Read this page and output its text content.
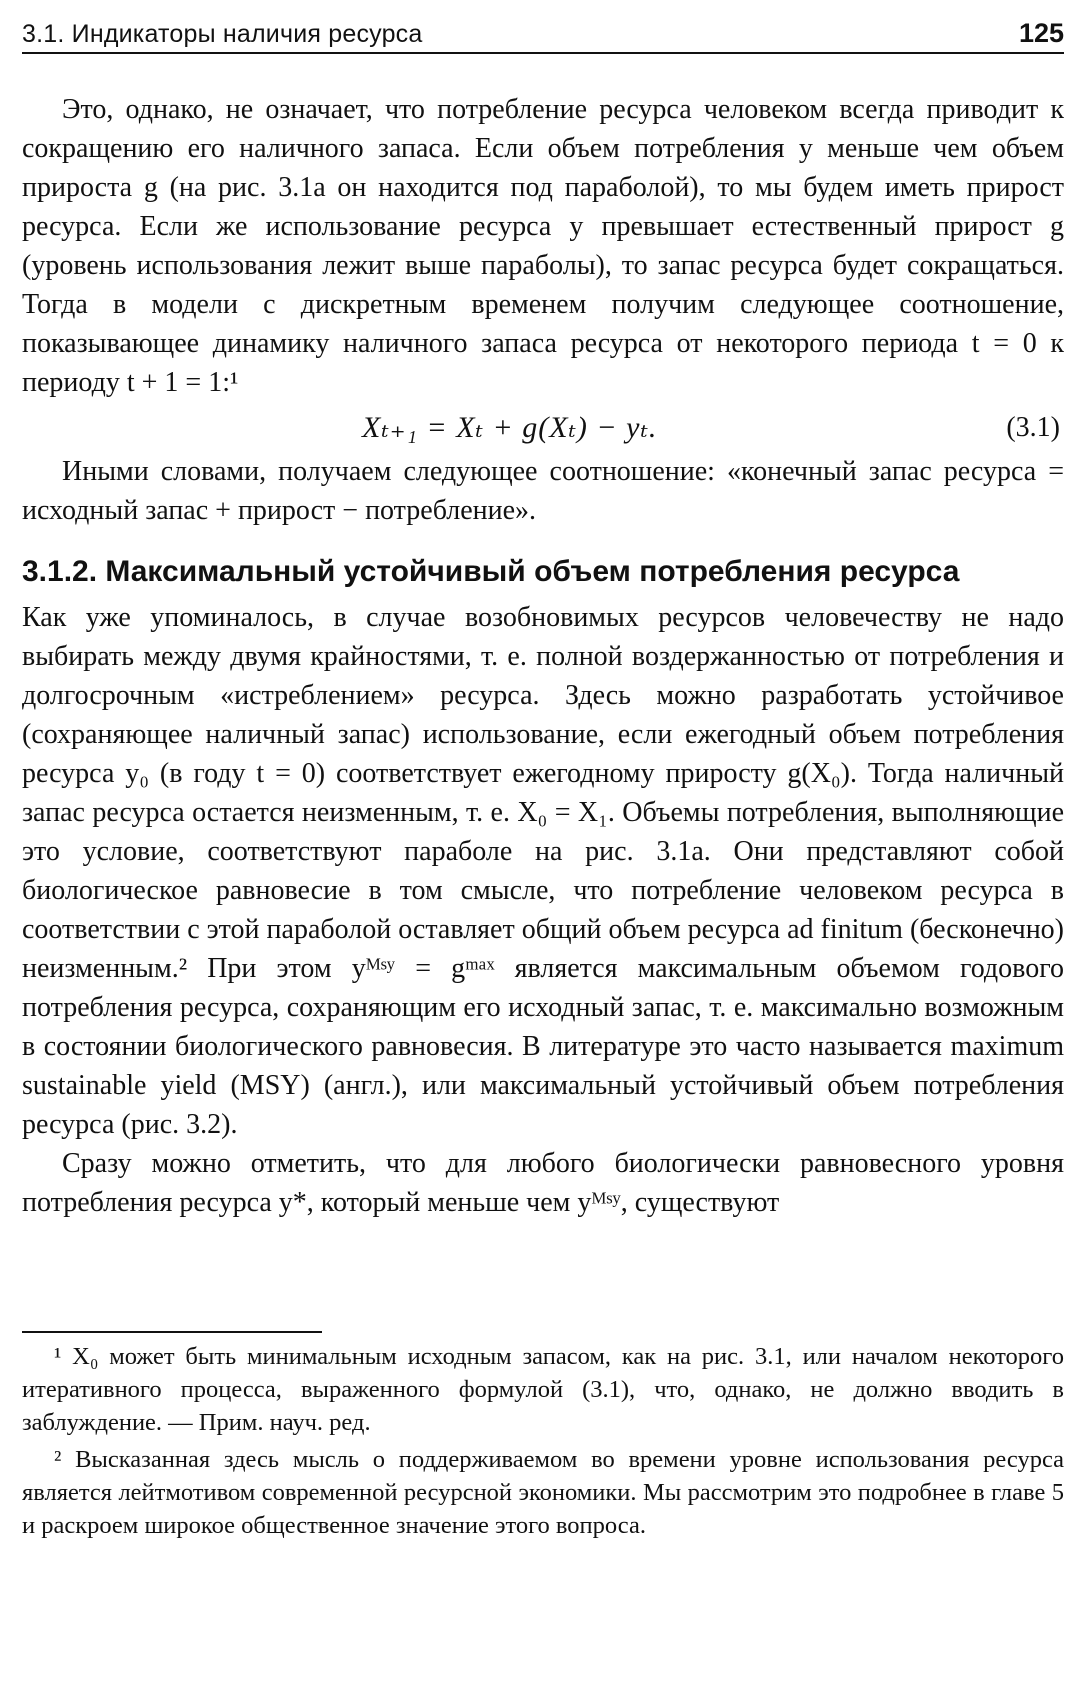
3.1. Индикаторы наличия ресурса	125

Это, однако, не означает, что потребление ресурса человеком всегда приводит к сокращению его наличного запаса. Если объем потребления y меньше чем объем прироста g (на рис. 3.1a он находится под параболой), то мы будем иметь прирост ресурса. Если же использование ресурса y превышает естественный прирост g (уровень использования лежит выше параболы), то запас ресурса будет сокращаться. Тогда в модели с дискретным временем получим следующее соотношение, показывающее динамику наличного запаса ресурса от некоторого периода t = 0 к периоду t + 1 = 1:¹

Xₜ₊₁ = Xₜ + g(Xₜ) − yₜ.	(3.1)

Иными словами, получаем следующее соотношение: «конечный запас ресурса = исходный запас + прирост − потребление».

3.1.2. Максимальный устойчивый объем потребления ресурса

Как уже упоминалось, в случае возобновимых ресурсов человечеству не надо выбирать между двумя крайностями, т. е. полной воздержанностью от потребления и долгосрочным «истреблением» ресурса. Здесь можно разработать устойчивое (сохраняющее наличный запас) использование, если ежегодный объем потребления ресурса y₀ (в году t = 0) соответствует ежегодному приросту g(X₀). Тогда наличный запас ресурса остается неизменным, т. е. X₀ = X₁. Объемы потребления, выполняющие это условие, соответствуют параболе на рис. 3.1a. Они представляют собой биологическое равновесие в том смысле, что потребление человеком ресурса в соответствии с этой параболой оставляет общий объем ресурса ad finitum (бесконечно) неизменным.² При этом yᴹˢʸ = gᵐᵃˣ является максимальным объемом годового потребления ресурса, сохраняющим его исходный запас, т. е. максимально возможным в состоянии биологического равновесия. В литературе это часто называется maximum sustainable yield (MSY) (англ.), или максимальный устойчивый объем потребления ресурса (рис. 3.2).

Сразу можно отметить, что для любого биологически равновесного уровня потребления ресурса y*, который меньше чем yᴹˢʸ, существуют

¹ X₀ может быть минимальным исходным запасом, как на рис. 3.1, или началом некоторого итеративного процесса, выраженного формулой (3.1), что, однако, не должно вводить в заблуждение. — Прим. науч. ред.

² Высказанная здесь мысль о поддерживаемом во времени уровне использования ресурса является лейтмотивом современной ресурсной экономики. Мы рассмотрим это подробнее в главе 5 и раскроем широкое общественное значение этого вопроса.
